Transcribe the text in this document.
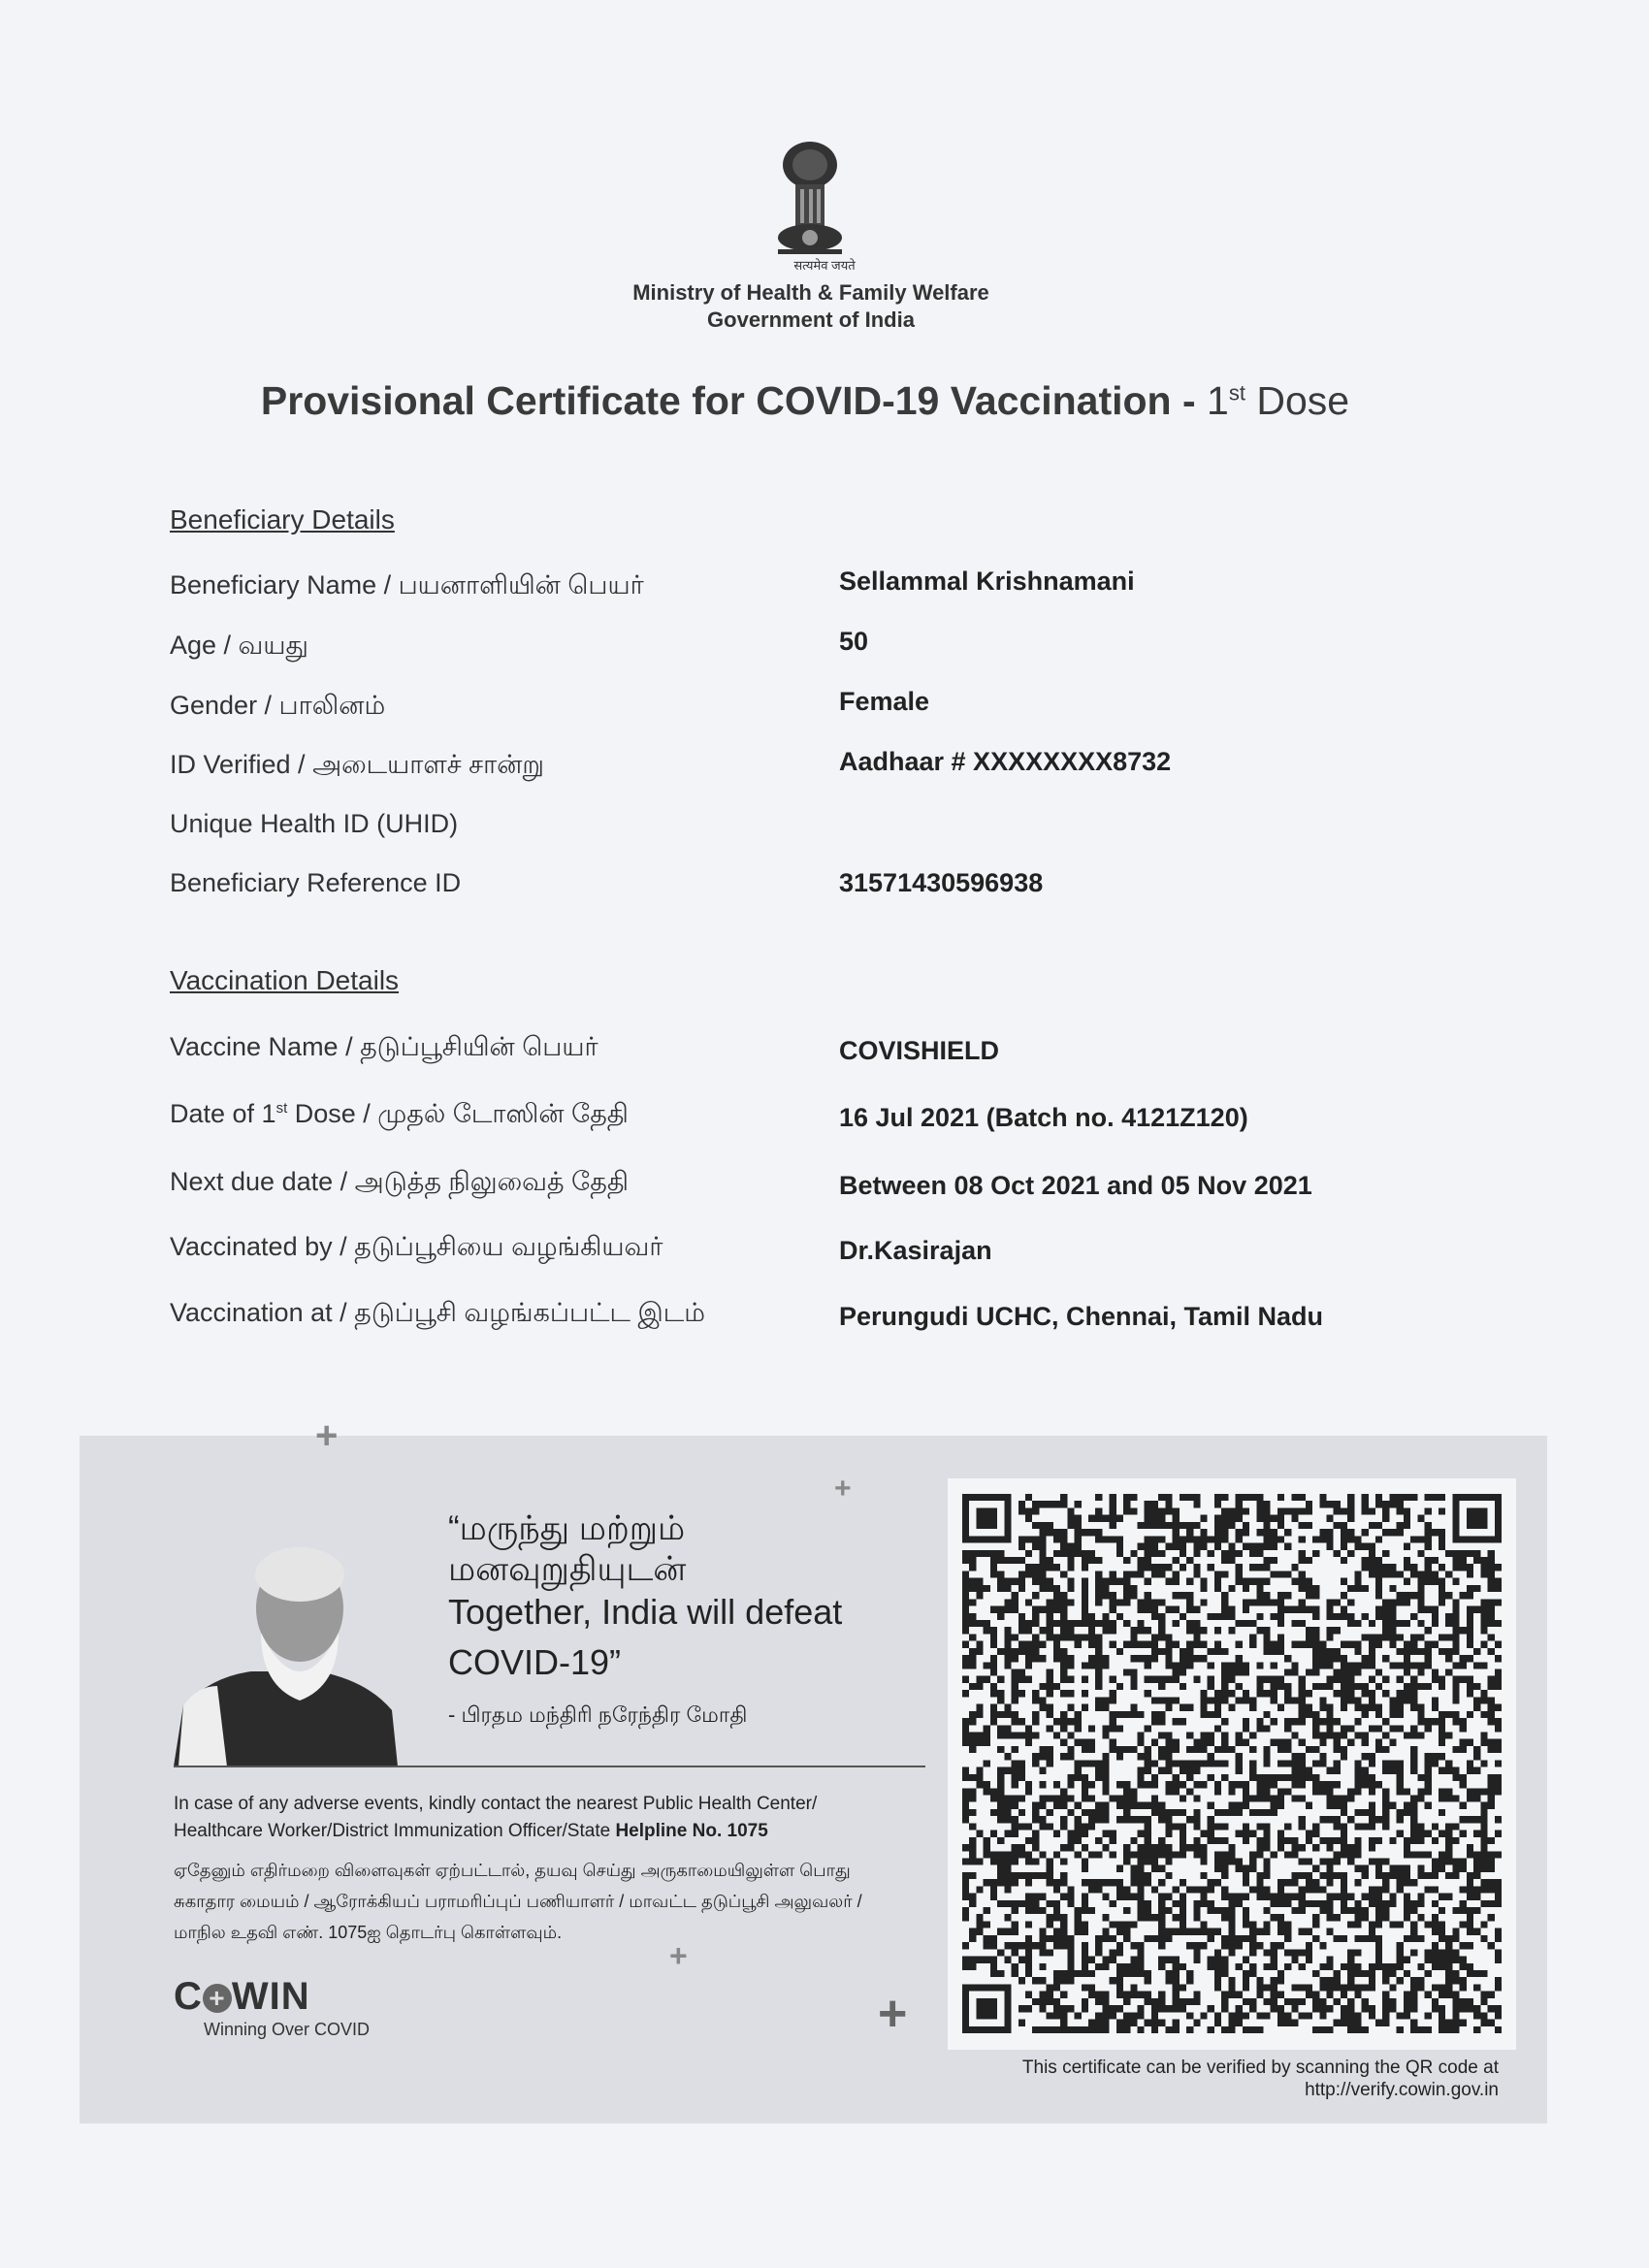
सत्यमेव जयते
Ministry of Health & Family Welfare
Government of India
Provisional Certificate for COVID-19 Vaccination - 1st Dose
Beneficiary Details
Beneficiary Name / பயனாளியின் பெயர்	Sellammal Krishnamani
Age / வயது	50
Gender / பாலினம்	Female
ID Verified / அடையாளச் சான்று	Aadhaar # XXXXXXXX8732
Unique Health ID (UHID)
Beneficiary Reference ID	31571430596938
Vaccination Details
Vaccine Name / தடுப்பூசியின் பெயர்	COVISHIELD
Date of 1st Dose / முதல் டோஸின் தேதி	16 Jul 2021 (Batch no. 4121Z120)
Next due date / அடுத்த நிலுவைத் தேதி	Between 08 Oct 2021 and 05 Nov 2021
Vaccinated by / தடுப்பூசியை வழங்கியவர்	Dr.Kasirajan
Vaccination at / தடுப்பூசி வழங்கப்பட்ட இடம்	Perungudi UCHC, Chennai, Tamil Nadu
+
+
+
+
“மருந்து மற்றும்
மனவுறுதியுடன்
Together, India will defeat
COVID-19”
- பிரதம மந்திரி நரேந்திர மோதி
In case of any adverse events, kindly contact the nearest Public Health Center/
Healthcare Worker/District Immunization Officer/State Helpline No. 1075
ஏதேனும் எதிர்மறை விளைவுகள் ஏற்பட்டால், தயவு செய்து அருகாமையிலுள்ள பொது
சுகாதார மையம் / ஆரோக்கியப் பராமரிப்புப் பணியாளர் / மாவட்ட தடுப்பூசி அலுவலர் /
மாநில உதவி எண். 1075ஐ தொடர்பு கொள்ளவும்.
C + WIN
Winning Over COVID
This certificate can be verified by scanning the QR code at
http://verify.cowin.gov.in
